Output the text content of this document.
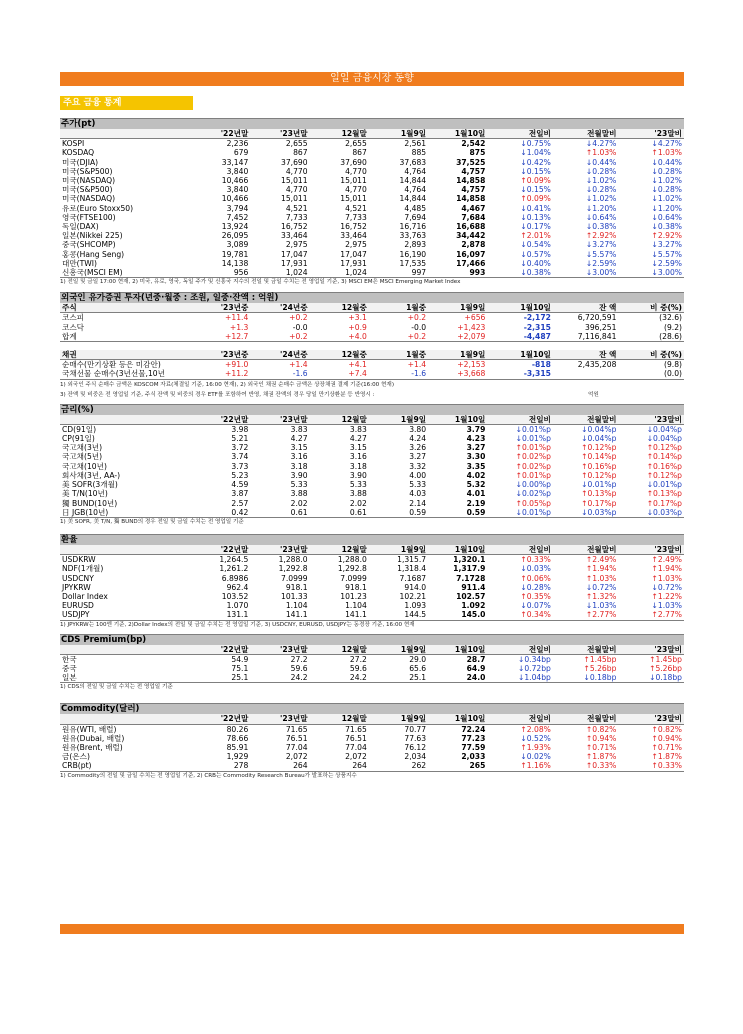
일일 금융시장 동향
주요 금융 통계
주가(pt)
	'22년말	'23년말	12월말	1월9일	1월10일	전일비	전월말비	'23말비
KOSPI	2,236	2,655	2,655	2,561	2,542	↓0.75%	↓4.27%	↓4.27%
KOSDAQ	679	867	867	885	875	↓1.04%	↑1.03%	↑1.03%
미국(DJIA)	33,147	37,690	37,690	37,683	37,525	↓0.42%	↓0.44%	↓0.44%
미국(S&P500)	3,840	4,770	4,770	4,764	4,757	↓0.15%	↓0.28%	↓0.28%
미국(NASDAQ)	10,466	15,011	15,011	14,844	14,858	↑0.09%	↓1.02%	↓1.02%
미국(S&P500)	3,840	4,770	4,770	4,764	4,757	↓0.15%	↓0.28%	↓0.28%
미국(NASDAQ)	10,466	15,011	15,011	14,844	14,858	↑0.09%	↓1.02%	↓1.02%
유로(Euro Stoxx50)	3,794	4,521	4,521	4,485	4,467	↓0.41%	↓1.20%	↓1.20%
영국(FTSE100)	7,452	7,733	7,733	7,694	7,684	↓0.13%	↓0.64%	↓0.64%
독일(DAX)	13,924	16,752	16,752	16,716	16,688	↓0.17%	↓0.38%	↓0.38%
일본(Nikkei 225)	26,095	33,464	33,464	33,763	34,442	↑2.01%	↑2.92%	↑2.92%
중국(SHCOMP)	3,089	2,975	2,975	2,893	2,878	↓0.54%	↓3.27%	↓3.27%
홍콩(Hang Seng)	19,781	17,047	17,047	16,190	16,097	↓0.57%	↓5.57%	↓5.57%
대만(TWI)	14,138	17,931	17,931	17,535	17,466	↓0.40%	↓2.59%	↓2.59%
신흥국(MSCI EM)	956	1,024	1,024	997	993	↓0.38%	↓3.00%	↓3.00%
1) 전일 및 금일 17:00 현재, 2) 미국, 유로, 영국, 독일 주가 및 신흥국 지수의 전일 및 금일 수치는 전 영업일 기준, 3) MSCI EM은 MSCI Emerging Market Index
외국인 유가증권 투자(년중·월중 : 조원, 일중·잔액 : 억원)
주식	'23년중	'24년중	12월중	1월중	1월9일	1월10일	잔 액	비 중(%)
코스피	+11.4	+0.2	+3.1	+0.2	+656	-2,172	6,720,591	(32.6)
코스닥	+1.3	-0.0	+0.9	-0.0	+1,423	-2,315	396,251	(9.2)
합계	+12.7	+0.2	+4.0	+0.2	+2,079	-4,487	7,116,841	(28.6)
채권	'23년중	'24년중	12월중	1월중	1월9일	1월10일	잔 액	비 중(%)
순매수(만기상환 등은 미감안)	+91.0	+1.4	+4.1	+1.4	+2,153	-818	2,435,208	(9.8)
국채선물 순매수(3년선물,10년	+11.2	-1.6	+7.4	-1.6	+3,668	-3,315		(0.0)
1) 외국인 주식 순매수 금액은 KOSCOM 자료(체결일 기준, 16:00 현재), 2) 외국인 채권 순매수 금액은 상장채권 결제 기준(16:00 현재)
3) 잔액 및 비중은 전 영업일 기준, 주식 잔액 및 비중의 경우 ETF를 포함하여 반영, 채권 잔액의 경우 당일 만기상환분 등 반영시 :	억원
금리(%)
	'22년말	'23년말	12월말	1월9일	1월10일	전일비	전월말비	'23말비
CD(91일)	3.98	3.83	3.83	3.80	3.79	↓0.01%p	↓0.04%p	↓0.04%p
CP(91일)	5.21	4.27	4.27	4.24	4.23	↓0.01%p	↓0.04%p	↓0.04%p
국고채(3년)	3.72	3.15	3.15	3.26	3.27	↑0.01%p	↑0.12%p	↑0.12%p
국고채(5년)	3.74	3.16	3.16	3.27	3.30	↑0.02%p	↑0.14%p	↑0.14%p
국고채(10년)	3.73	3.18	3.18	3.32	3.35	↑0.02%p	↑0.16%p	↑0.16%p
회사채(3년, AA-)	5.23	3.90	3.90	4.00	4.02	↑0.01%p	↑0.12%p	↑0.12%p
美 SOFR(3개월)	4.59	5.33	5.33	5.33	5.32	↓0.00%p	↓0.01%p	↓0.01%p
美 T/N(10년)	3.87	3.88	3.88	4.03	4.01	↓0.02%p	↑0.13%p	↑0.13%p
獨 BUND(10년)	2.57	2.02	2.02	2.14	2.19	↑0.05%p	↑0.17%p	↑0.17%p
日 JGB(10년)	0.42	0.61	0.61	0.59	0.59	↓0.01%p	↓0.03%p	↓0.03%p
1) 美 SOFR, 美 T/N, 獨 BUND의 경우 전일 및 금일 수치는 전 영업일 기준
환율
	'22년말	'23년말	12월말	1월9일	1월10일	전일비	전월말비	'23말비
USDKRW	1,264.5	1,288.0	1,288.0	1,315.7	1,320.1	↑0.33%	↑2.49%	↑2.49%
NDF(1개월)	1,261.2	1,292.8	1,292.8	1,318.4	1,317.9	↓0.03%	↑1.94%	↑1.94%
USDCNY	6.8986	7.0999	7.0999	7.1687	7.1728	↑0.06%	↑1.03%	↑1.03%
JPYKRW	962.4	918.1	918.1	914.0	911.4	↓0.28%	↓0.72%	↓0.72%
Dollar Index	103.52	101.33	101.23	102.21	102.57	↑0.35%	↑1.32%	↑1.22%
EURUSD	1.070	1.104	1.104	1.093	1.092	↓0.07%	↓1.03%	↓1.03%
USDJPY	131.1	141.1	141.1	144.5	145.0	↑0.34%	↑2.77%	↑2.77%
1) JPYKRW는 100엔 기준, 2)Dollar Index의 전일 및 금일 수치는 전 영업일 기준, 3) USDCNY, EURUSD, USDJPY는 동경장 기준, 16:00 현재
CDS Premium(bp)
	'22년말	'23년말	12월말	1월9일	1월10일	전일비	전월말비	'23말비
한국	54.9	27.2	27.2	29.0	28.7	↓0.34bp	↑1.45bp	↑1.45bp
중국	75.1	59.6	59.6	65.6	64.9	↓0.72bp	↑5.26bp	↑5.26bp
일본	25.1	24.2	24.2	25.1	24.0	↓1.04bp	↓0.18bp	↓0.18bp
1) CDS의 전일 및 금일 수치는 전 영업일 기준
Commodity(달러)
	'22년말	'23년말	12월말	1월9일	1월10일	전일비	전월말비	'23말비
원유(WTI, 배럴)	80.26	71.65	71.65	70.77	72.24	↑2.08%	↑0.82%	↑0.82%
원유(Dubai, 배럴)	78.66	76.51	76.51	77.63	77.23	↓0.52%	↑0.94%	↑0.94%
원유(Brent, 배럴)	85.91	77.04	77.04	76.12	77.59	↑1.93%	↑0.71%	↑0.71%
금(온스)	1,929	2,072	2,072	2,034	2,033	↓0.02%	↑1.87%	↑1.87%
CRB(pt)	278	264	264	262	265	↑1.16%	↑0.33%	↑0.33%
1) Commodity의 전일 및 금일 수치는 전 영업일 기준, 2) CRB는 Commodity Research Bureau가 발표하는 상품지수
